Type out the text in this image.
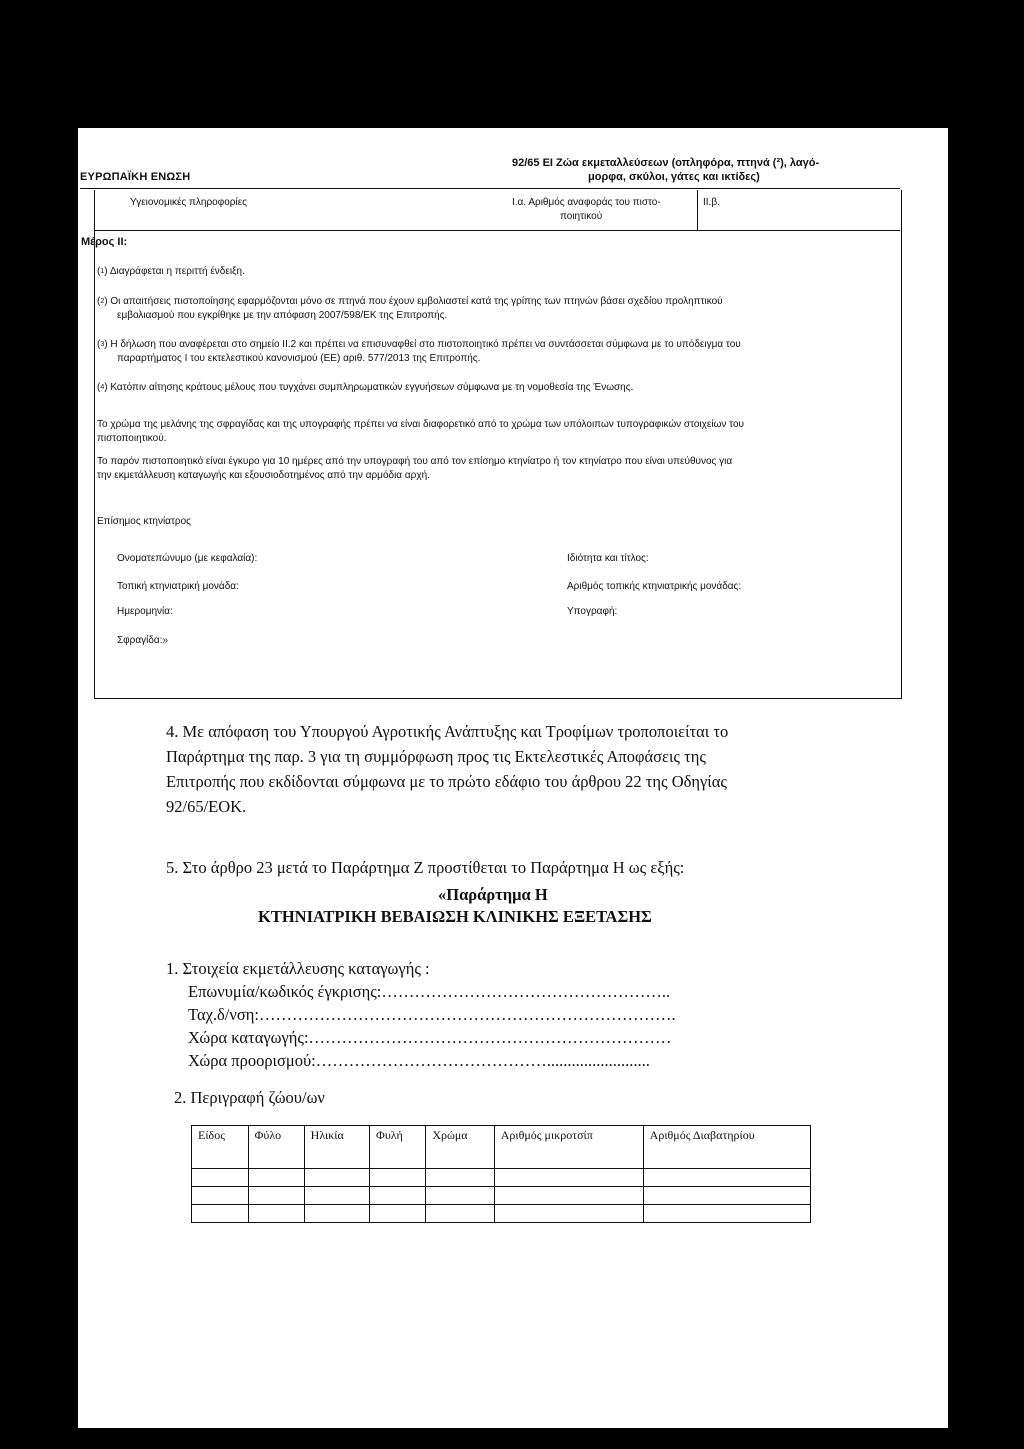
ΕΥΡΩΠΑΪΚΗ ΕΝΩΣΗ
92/65 ΕΙ Ζώα εκμεταλλεύσεων (οπληφόρα, πτηνά (²), λαγό-
μορφα, σκύλοι, γάτες και ικτίδες)
Υγειονομικές πληροφορίες	I.α. Αριθμός αναφοράς του πιστο-
ποιητικού
II.β.
Μέρος II:
($^1$) Διαγράφεται η περιττή ένδειξη.
($^2$) Οι απαιτήσεις πιστοποίησης εφαρμόζονται μόνο σε πτηνά που έχουν εμβολιαστεί κατά της γρίπης των πτηνών βάσει σχεδίου προληπτικού
εμβολιασμού που εγκρίθηκε με την απόφαση 2007/598/ΕΚ της Επιτροπής.
($^3$) Η δήλωση που αναφέρεται στο σημείο II.2 και πρέπει να επισυναφθεί στο πιστοποιητικό πρέπει να συντάσσεται σύμφωνα με το υπόδειγμα του
παραρτήματος I του εκτελεστικού κανονισμού (ΕΕ) αριθ. 577/2013 της Επιτροπής.
($^4$) Κατόπιν αίτησης κράτους μέλους που τυγχάνει συμπληρωματικών εγγυήσεων σύμφωνα με τη νομοθεσία της Ένωσης.
Το χρώμα της μελάνης της σφραγίδας και της υπογραφής πρέπει να είναι διαφορετικό από το χρώμα των υπόλοιπων τυπογραφικών στοιχείων του
πιστοποιητικού.
Το παρόν πιστοποιητικό είναι έγκυρο για 10 ημέρες από την υπογραφή του από τον επίσημο κτηνίατρο ή τον κτηνίατρο που είναι υπεύθυνος για
την εκμετάλλευση καταγωγής και εξουσιοδοτημένος από την αρμόδια αρχή.
Επίσημος κτηνίατρος
Ονοματεπώνυμο (με κεφαλαία):	Ιδιότητα και τίτλος:
Τοπική κτηνιατρική μονάδα:	Αριθμός τοπικής κτηνιατρικής μονάδας:
Ημερομηνία:	Υπογραφή:
Σφραγίδα:»
4. Με απόφαση του Υπουργού Αγροτικής Ανάπτυξης και Τροφίμων τροποποιείται το
Παράρτημα της παρ. 3 για τη συμμόρφωση προς τις Εκτελεστικές Αποφάσεις της
Επιτροπής που εκδίδονται σύμφωνα με το πρώτο εδάφιο του άρθρου 22 της Οδηγίας
92/65/ΕΟΚ.
5. Στο άρθρο 23 μετά το Παράρτημα Ζ προστίθεται το Παράρτημα Η ως εξής:
«Παράρτημα Η
ΚΤΗΝΙΑΤΡΙΚΗ ΒΕΒΑΙΩΣΗ ΚΛΙΝΙΚΗΣ ΕΞΕΤΑΣΗΣ
1. Στοιχεία εκμετάλλευσης καταγωγής :
Επωνυμία/κωδικός έγκρισης:……………………………………………..
Ταχ.δ/νση:………………………………………………………………….
Χώρα καταγωγής:…………………………………………………………
Χώρα προορισμού:…………………………………….........................
2. Περιγραφή ζώου/ων
Είδος	Φύλο	Ηλικία	Φυλή	Χρώμα	Αριθμός μικροτσίπ	Αριθμός Διαβατηρίου
